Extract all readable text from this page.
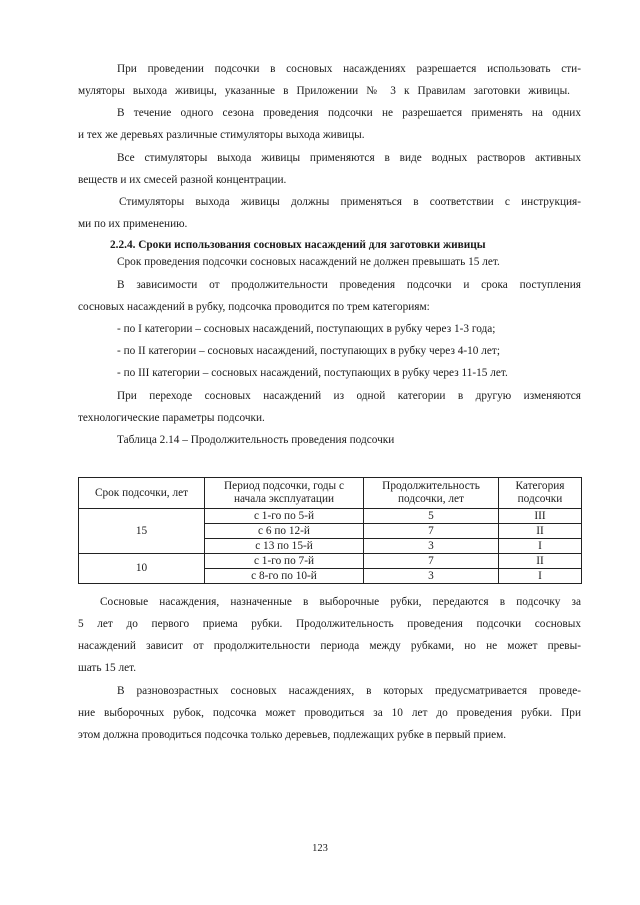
При проведении подсочки в сосновых насаждениях разрешается использовать сти-
муляторы выхода живицы, указанные в Приложении № 3 к Правилам заготовки живицы.
В течение одного сезона проведения подсочки не разрешается применять на одних
и тех же деревьях различные стимуляторы выхода живицы.
Все стимуляторы выхода живицы применяются в виде водных растворов активных
веществ и их смесей разной концентрации.
Стимуляторы выхода живицы должны применяться в соответствии с инструкция-
ми по их применению.
2.2.4. Сроки использования сосновых насаждений для заготовки живицы
Срок проведения подсочки сосновых насаждений не должен превышать 15 лет.
В зависимости от продолжительности проведения подсочки и срока поступления
сосновых насаждений в рубку, подсочка проводится по трем категориям:
- по I категории – сосновых насаждений, поступающих в рубку через 1-3 года;
- по II категории – сосновых насаждений, поступающих в рубку через 4-10 лет;
- по III категории – сосновых насаждений, поступающих в рубку через 11-15 лет.
При переходе сосновых насаждений из одной категории в другую изменяются
технологические параметры подсочки.
Таблица 2.14 – Продолжительность проведения подсочки
Срок подсочки, лет	Период подсочки, годы с начала эксплуатации	Продолжительность подсочки, лет	Категория подсочки
15	с 1-го по 5-й	5	III
	с 6 по 12-й	7	II
	с 13 по 15-й	3	I
10	с 1-го по 7-й	7	II
	с 8-го по 10-й	3	I
Сосновые насаждения, назначенные в выборочные рубки, передаются в подсочку за
5 лет до первого приема рубки. Продолжительность проведения подсочки сосновых
насаждений зависит от продолжительности периода между рубками, но не может превы-
шать 15 лет.
В разновозрастных сосновых насаждениях, в которых предусматривается проведе-
ние выборочных рубок, подсочка может проводиться за 10 лет до проведения рубки. При
этом должна проводиться подсочка только деревьев, подлежащих рубке в первый прием.
123
